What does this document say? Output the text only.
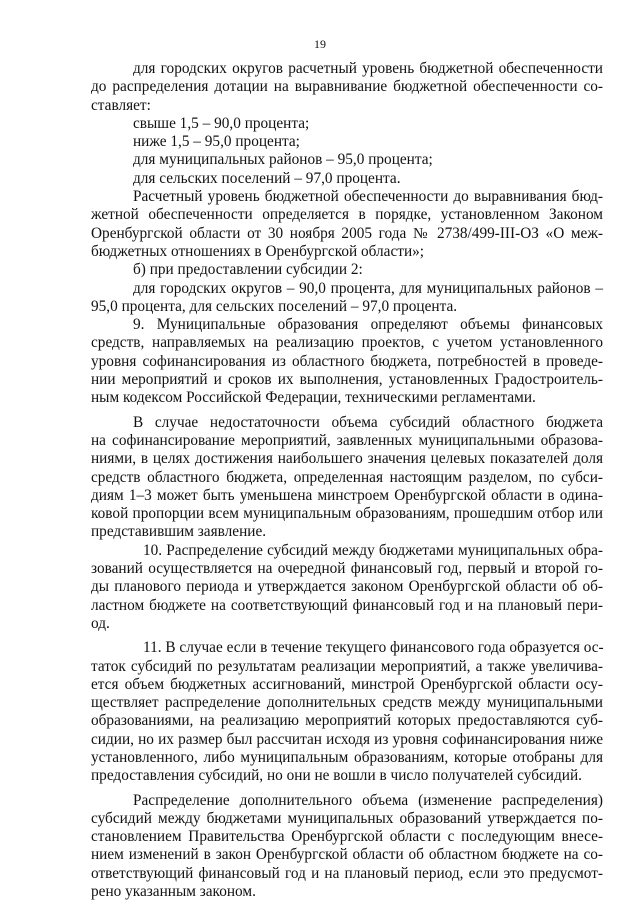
19
для городских округов расчетный уровень бюджетной обеспеченности
до распределения дотации на выравнивание бюджетной обеспеченности со-
ставляет:
свыше 1,5 – 90,0 процента;
ниже 1,5 – 95,0 процента;
для муниципальных районов – 95,0 процента;
для сельских поселений – 97,0 процента.
Расчетный уровень бюджетной обеспеченности до выравнивания бюд-
жетной обеспеченности определяется в порядке, установленном Законом
Оренбургской области от 30 ноября 2005 года № 2738/499-III-ОЗ «О меж-
бюджетных отношениях в Оренбургской области»;
б) при предоставлении субсидии 2:
для городских округов – 90,0 процента, для муниципальных районов –
95,0 процента, для сельских поселений – 97,0 процента.
9. Муниципальные образования определяют объемы финансовых
средств, направляемых на реализацию проектов, с учетом установленного
уровня софинансирования из областного бюджета, потребностей в проведе-
нии мероприятий и сроков их выполнения, установленных Градостроитель-
ным кодексом Российской Федерации, техническими регламентами.
В случае недостаточности объема субсидий областного бюджета
на софинансирование мероприятий, заявленных муниципальными образова-
ниями, в целях достижения наибольшего значения целевых показателей доля
средств областного бюджета, определенная настоящим разделом, по субси-
диям 1–3 может быть уменьшена минстроем Оренбургской области в одина-
ковой пропорции всем муниципальным образованиям, прошедшим отбор или
представившим заявление.
10. Распределение субсидий между бюджетами муниципальных обра-
зований осуществляется на очередной финансовый год, первый и второй го-
ды планового периода и утверждается законом Оренбургской области об об-
ластном бюджете на соответствующий финансовый год и на плановый пери-
од.
11. В случае если в течение текущего финансового года образуется ос-
таток субсидий по результатам реализации мероприятий, а также увеличива-
ется объем бюджетных ассигнований, минстрой Оренбургской области осу-
ществляет распределение дополнительных средств между муниципальными
образованиями, на реализацию мероприятий которых предоставляются суб-
сидии, но их размер был рассчитан исходя из уровня софинансирования ниже
установленного, либо муниципальным образованиям, которые отобраны для
предоставления субсидий, но они не вошли в число получателей субсидий.
Распределение дополнительного объема (изменение распределения)
субсидий между бюджетами муниципальных образований утверждается по-
становлением Правительства Оренбургской области с последующим внесе-
нием изменений в закон Оренбургской области об областном бюджете на со-
ответствующий финансовый год и на плановый период, если это предусмот-
рено указанным законом.
